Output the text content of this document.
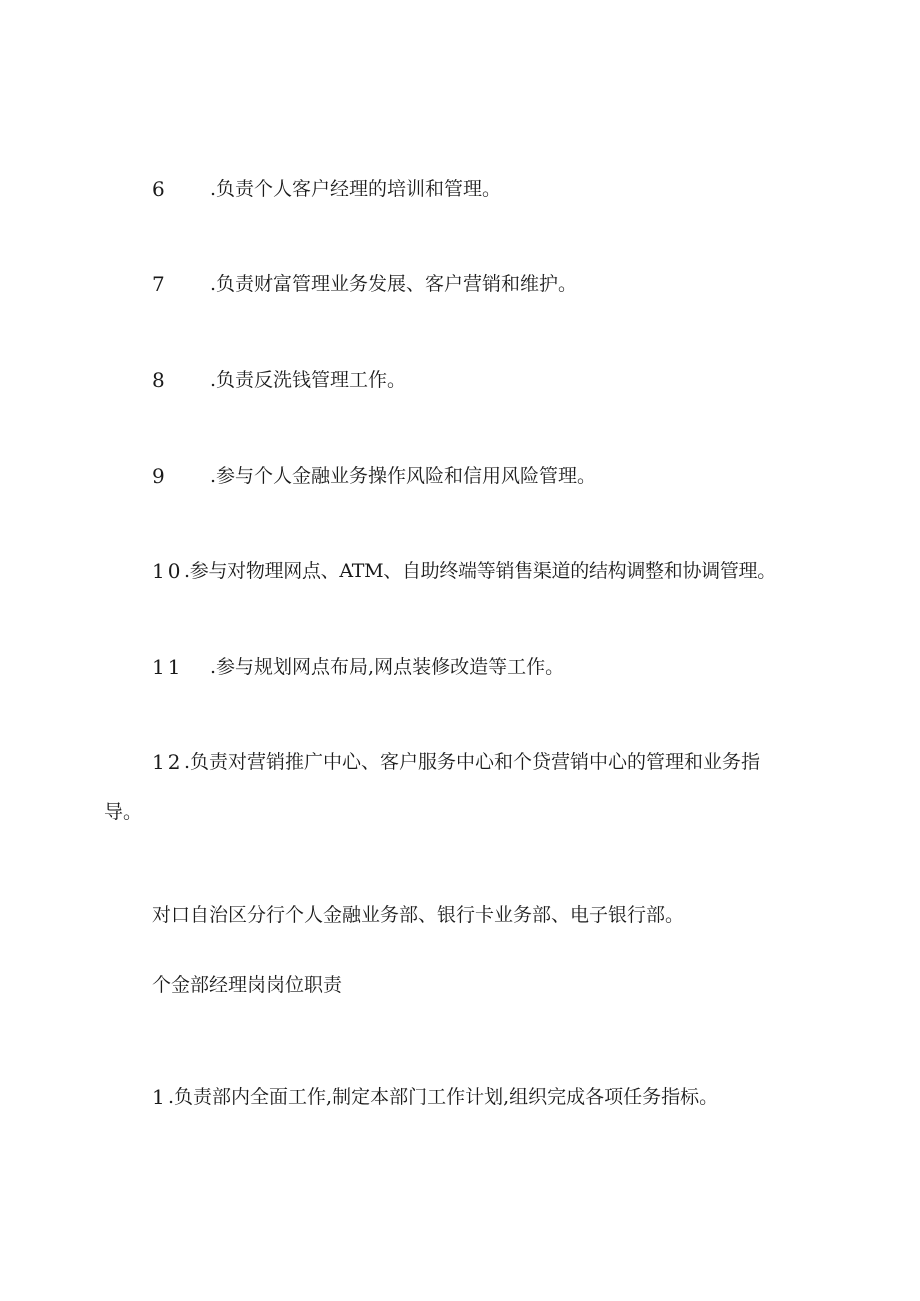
6 .负责个人客户经理的培训和管理。
7 .负责财富管理业务发展、客户营销和维护。
8 .负责反洗钱管理工作。
9 .参与个人金融业务操作风险和信用风险管理。
10 .参与对物理网点、ATM、自助终端等销售渠道的结构调整和协调管理。
11 .参与规划网点布局,网点装修改造等工作。
12 .负责对营销推广中心、客户服务中心和个贷营销中心的管理和业务指
导。
对口自治区分行个人金融业务部、银行卡业务部、电子银行部。
个金部经理岗岗位职责
1 .负责部内全面工作,制定本部门工作计划,组织完成各项任务指标。
